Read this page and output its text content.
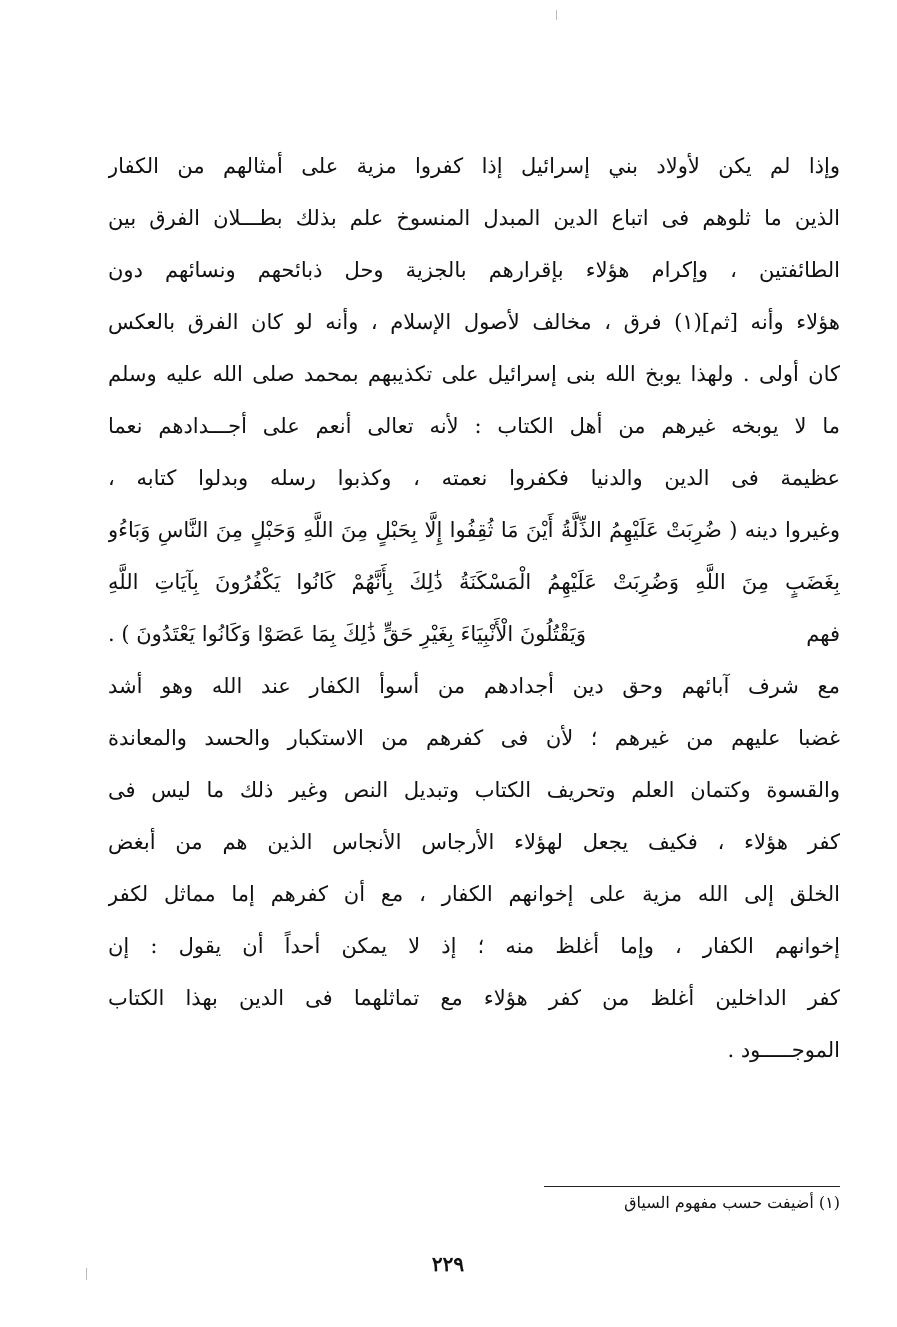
وإذا لم يكن لأولاد بني إسرائيل إذا كفروا مزية على أمثالهم من الكفار
الذين ما ثلوهم فى اتباع الدين المبدل المنسوخ علم بذلك بطـــلان الفرق بين
الطائفتين ، وإكرام هؤلاء بإقرارهم بالجزية وحل ذبائحهم ونسائهم دون
هؤلاء وأنه [ثم](١) فرق ، مخالف لأصول الإسلام ، وأنه لو كان الفرق بالعكس
كان أولى . ولهذا يوبخ الله بنى إسرائيل على تكذيبهم بمحمد صلى الله عليه وسلم
ما لا يوبخه غيرهم من أهل الكتاب : لأنه تعالى أنعم على أجـــدادهم نعما
عظيمة فى الدين والدنيا فكفروا نعمته ، وكذبوا رسله وبدلوا كتابه ،
وغيروا دينه ( ضُرِبَتْ عَلَيْهِمُ الذِّلَّةُ أَيْنَ مَا ثُقِفُوا إِلَّا بِحَبْلٍ مِنَ اللَّهِ وَحَبْلٍ مِنَ النَّاسِ وَبَاءُو
بِغَضَبٍ مِنَ اللَّهِ وَضُرِبَتْ عَلَيْهِمُ الْمَسْكَنَةُ ذَٰلِكَ بِأَنَّهُمْ كَانُوا يَكْفُرُونَ بِآيَاتِ اللَّهِ
فهم
وَيَقْتُلُونَ الْأَنْبِيَاءَ بِغَيْرِ حَقٍّ ذَٰلِكَ بِمَا عَصَوْا وَكَانُوا يَعْتَدُونَ ) .
مع شرف آبائهم وحق دين أجدادهم من أسوأ الكفار عند الله وهو أشد
غضبا عليهم من غيرهم ؛ لأن فى كفرهم من الاستكبار والحسد والمعاندة
والقسوة وكتمان العلم وتحريف الكتاب وتبديل النص وغير ذلك ما ليس فى
كفر هؤلاء ، فكيف يجعل لهؤلاء الأرجاس الأنجاس الذين هم من أبغض
الخلق إلى الله مزية على إخوانهم الكفار ، مع أن كفرهم إما مماثل لكفر
إخوانهم الكفار ، وإما أغلظ منه ؛ إذ لا يمكن أحداً أن يقول : إن
كفر الداخلين أغلظ من كفر هؤلاء مع تماثلهما فى الدين بهذا الكتاب
الموجـــــود .
(١) أضيفت حسب مفهوم السياق
٢٢٩
